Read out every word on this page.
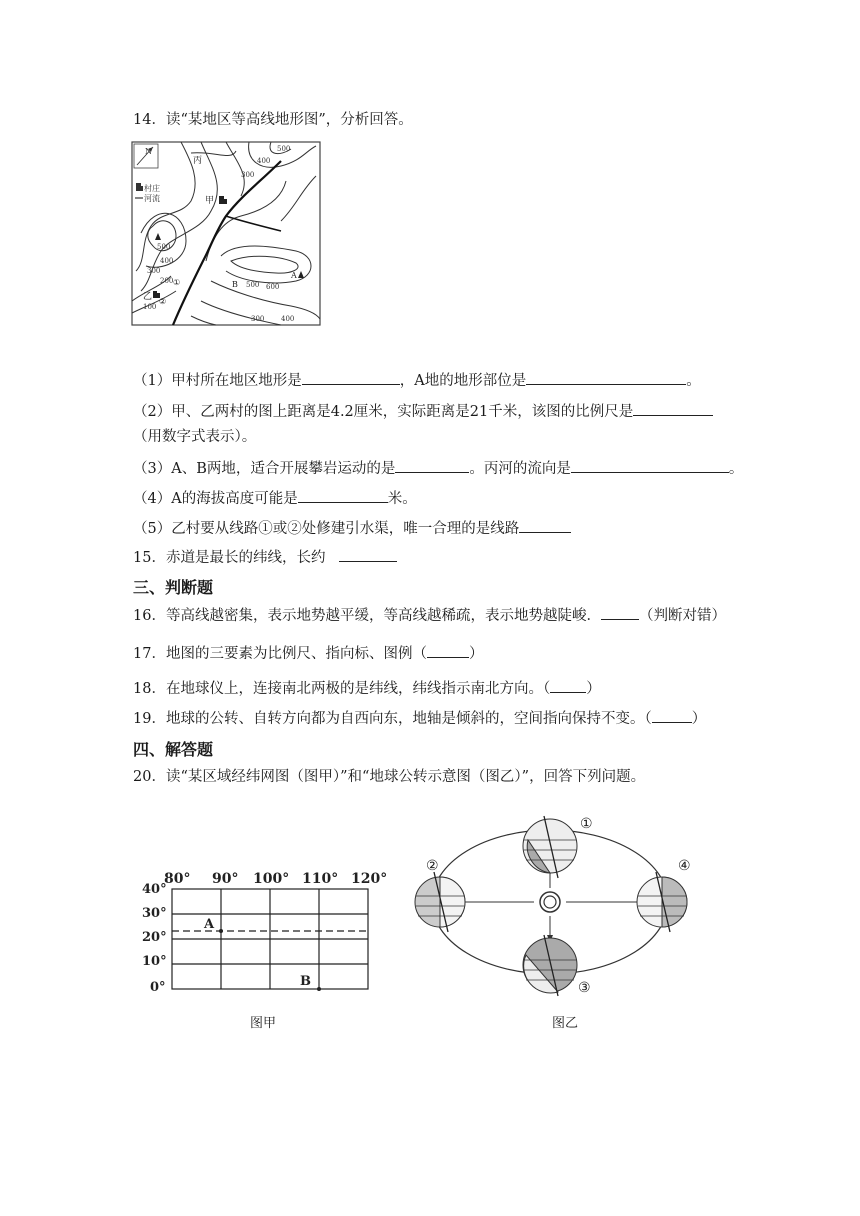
14．读“某地区等高线地形图”，分析回答。
N
村庄
河流
丙
甲
乙
A
B
①
②
500
400
300
500
400
300
200
100
500 600
400
300
（1）甲村所在地区地形是	，A地的地形部位是	。
（2）甲、乙两村的图上距离是4.2厘米，实际距离是21千米，该图的比例尺是
（用数字式表示）。
（3）A、B两地，适合开展攀岩运动的是	。丙河的流向是	。
（4）A的海拔高度可能是	米。
（5）乙村要从线路①或②处修建引水渠，唯一合理的是线路
15．赤道是最长的纬线，长约
三、判断题
16．等高线越密集，表示地势越平缓，等高线越稀疏，表示地势越陡峻．	（判断对错）
17．地图的三要素为比例尺、指向标、图例（	）
18．在地球仪上，连接南北两极的是纬线，纬线指示南北方向。（ ）
19．地球的公转、自转方向都为自西向东，地轴是倾斜的，空间指向保持不变。（	）
四、解答题
20．读“某区域经纬网图（图甲）”和“地球公转示意图（图乙）”，回答下列问题。
80° 90° 100° 110° 120°
40°
30°
20°
10°
0°
A
B
图甲
①
②
③
④
图乙
